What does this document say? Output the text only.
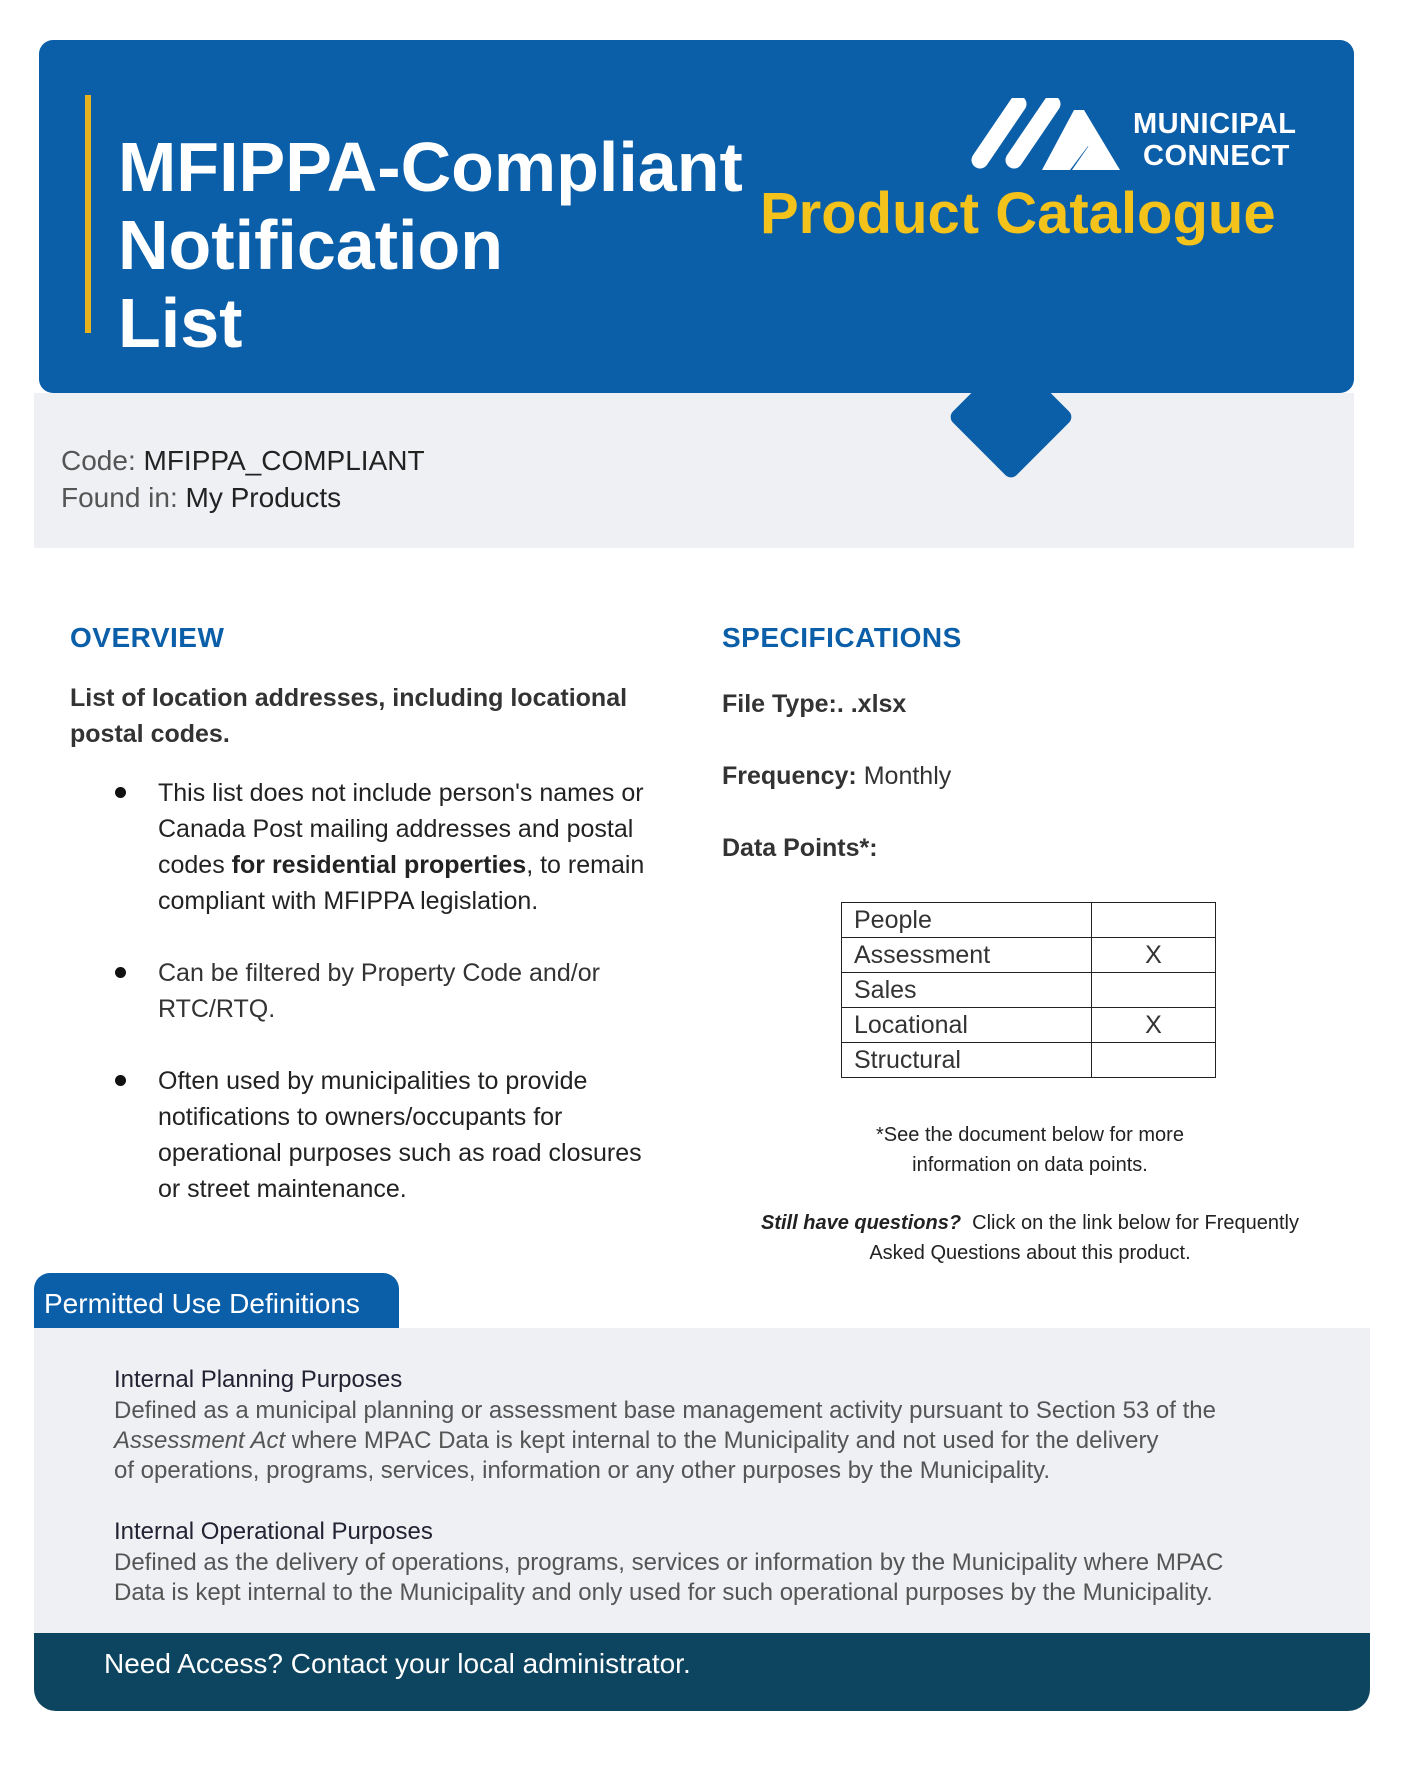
MFIPPA-Compliant
Notification
List
MUNICIPAL
CONNECT
Product Catalogue
Code: MFIPPA_COMPLIANT
Found in: My Products
OVERVIEW
List of location addresses, including locational
postal codes.
This list does not include person's names or Canada Post mailing addresses and postal codes for residential properties, to remain compliant with MFIPPA legislation.
Can be filtered by Property Code and/or RTC/RTQ.
Often used by municipalities to provide notifications to owners/occupants for operational purposes such as road closures or street maintenance.
SPECIFICATIONS
File Type:. .xlsx
Frequency: Monthly
Data Points*:
People	
Assessment	X
Sales	
Locational	X
Structural	
*See the document below for more
information on data points.
Still have questions? Click on the link below for Frequently
Asked Questions about this product.
Permitted Use Definitions
Internal Planning Purposes
Defined as a municipal planning or assessment base management activity pursuant to Section 53 of the
Assessment Act where MPAC Data is kept internal to the Municipality and not used for the delivery
of operations, programs, services, information or any other purposes by the Municipality.
Internal Operational Purposes
Defined as the delivery of operations, programs, services or information by the Municipality where MPAC
Data is kept internal to the Municipality and only used for such operational purposes by the Municipality.
Need Access? Contact your local administrator.
